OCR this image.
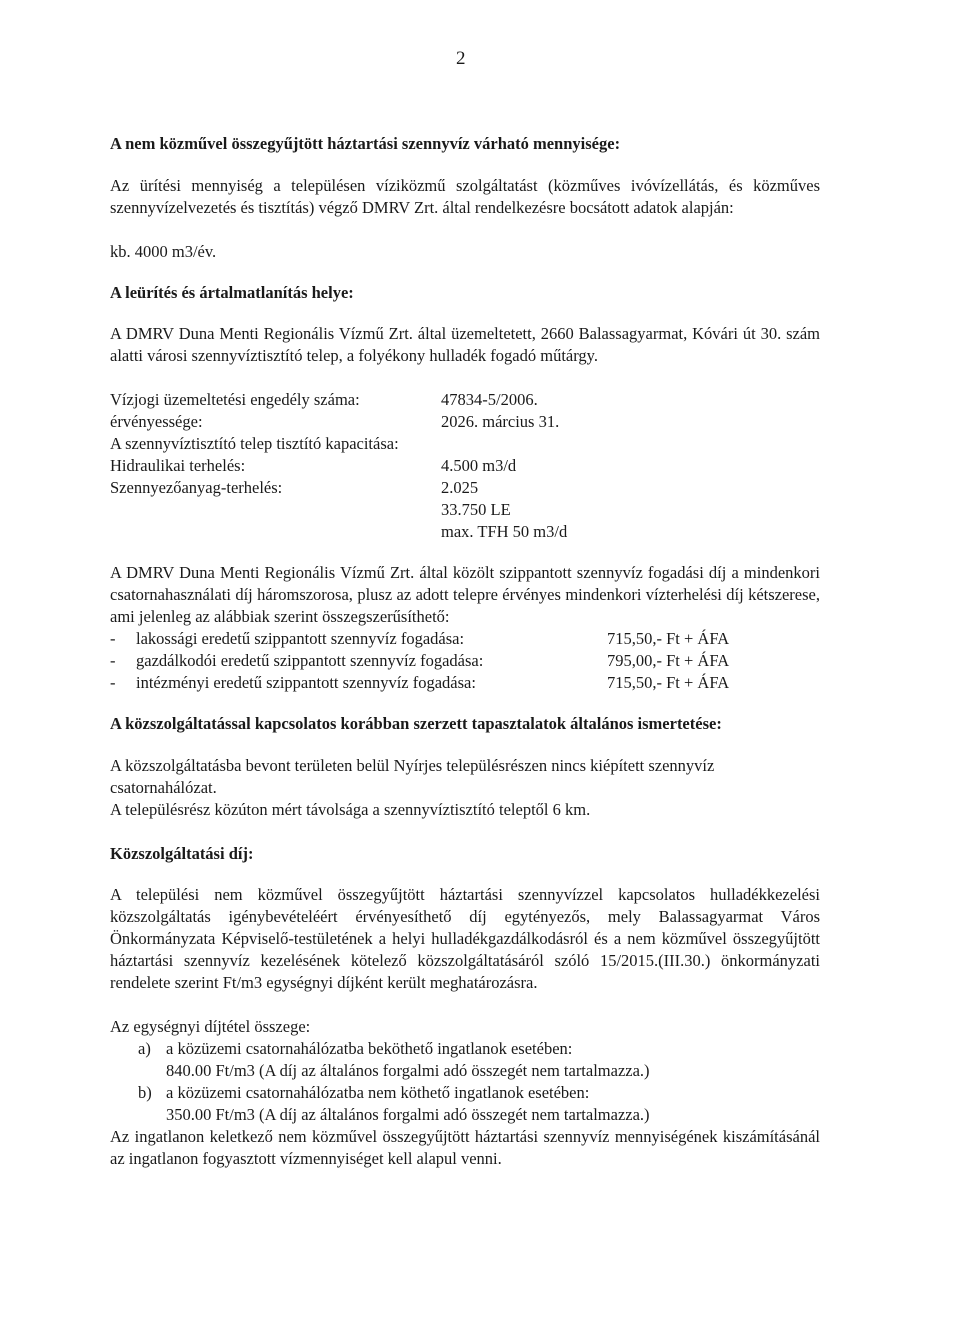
2
A nem közművel összegyűjtött háztartási szennyvíz várható mennyisége:
Az ürítési mennyiség a településen víziközmű szolgáltatást (közműves ivóvízellátás, és közműves szennyvízelvezetés és tisztítás) végző DMRV Zrt. által rendelkezésre bocsátott adatok alapján:
kb. 4000 m3/év.
A leürítés és ártalmatlanítás helye:
A DMRV Duna Menti Regionális Vízmű Zrt. által üzemeltetett, 2660 Balassagyarmat, Kóvári út 30. szám alatti városi szennyvíztisztító telep, a folyékony hulladék fogadó műtárgy.
Vízjogi üzemeltetési engedély száma:	47834-5/2006.
érvényessége:	2026. március 31.
A szennyvíztisztító telep tisztító kapacitása:
Hidraulikai terhelés:	4.500 m3/d
Szennyezőanyag-terhelés:	2.025
33.750 LE
max. TFH 50 m3/d
A DMRV Duna Menti Regionális Vízmű Zrt. által közölt szippantott szennyvíz fogadási díj a mindenkori csatornahasználati díj háromszorosa, plusz az adott telepre érvényes mindenkori vízterhelési díj kétszerese, ami jelenleg az alábbiak szerint összegszerűsíthető:
- lakossági eredetű szippantott szennyvíz fogadása:	715,50,- Ft + ÁFA
- gazdálkodói eredetű szippantott szennyvíz fogadása:	795,00,- Ft + ÁFA
- intézményi eredetű szippantott szennyvíz fogadása:	715,50,- Ft + ÁFA
A közszolgáltatással kapcsolatos korábban szerzett tapasztalatok általános ismertetése:
A közszolgáltatásba bevont területen belül Nyírjes településrészen nincs kiépített szennyvíz csatornahálózat.
A településrész közúton mért távolsága a szennyvíztisztító teleptől 6 km.
Közszolgáltatási díj:
A települési nem közművel összegyűjtött háztartási szennyvízzel kapcsolatos hulladékkezelési közszolgáltatás igénybevételéért érvényesíthető díj egytényezős, mely Balassagyarmat Város Önkormányzata Képviselő-testületének a helyi hulladékgazdálkodásról és a nem közművel összegyűjtött háztartási szennyvíz kezelésének kötelező közszolgáltatásáról szóló 15/2015.(III.30.) önkormányzati rendelete szerint Ft/m3 egységnyi díjként került meghatározásra.
Az egységnyi díjtétel összege:
a) a közüzemi csatornahálózatba beköthető ingatlanok esetében:
840.00 Ft/m3 (A díj az általános forgalmi adó összegét nem tartalmazza.)
b) a közüzemi csatornahálózatba nem köthető ingatlanok esetében:
350.00 Ft/m3 (A díj az általános forgalmi adó összegét nem tartalmazza.)
Az ingatlanon keletkező nem közművel összegyűjtött háztartási szennyvíz mennyiségének kiszámításánál az ingatlanon fogyasztott vízmennyiséget kell alapul venni.
